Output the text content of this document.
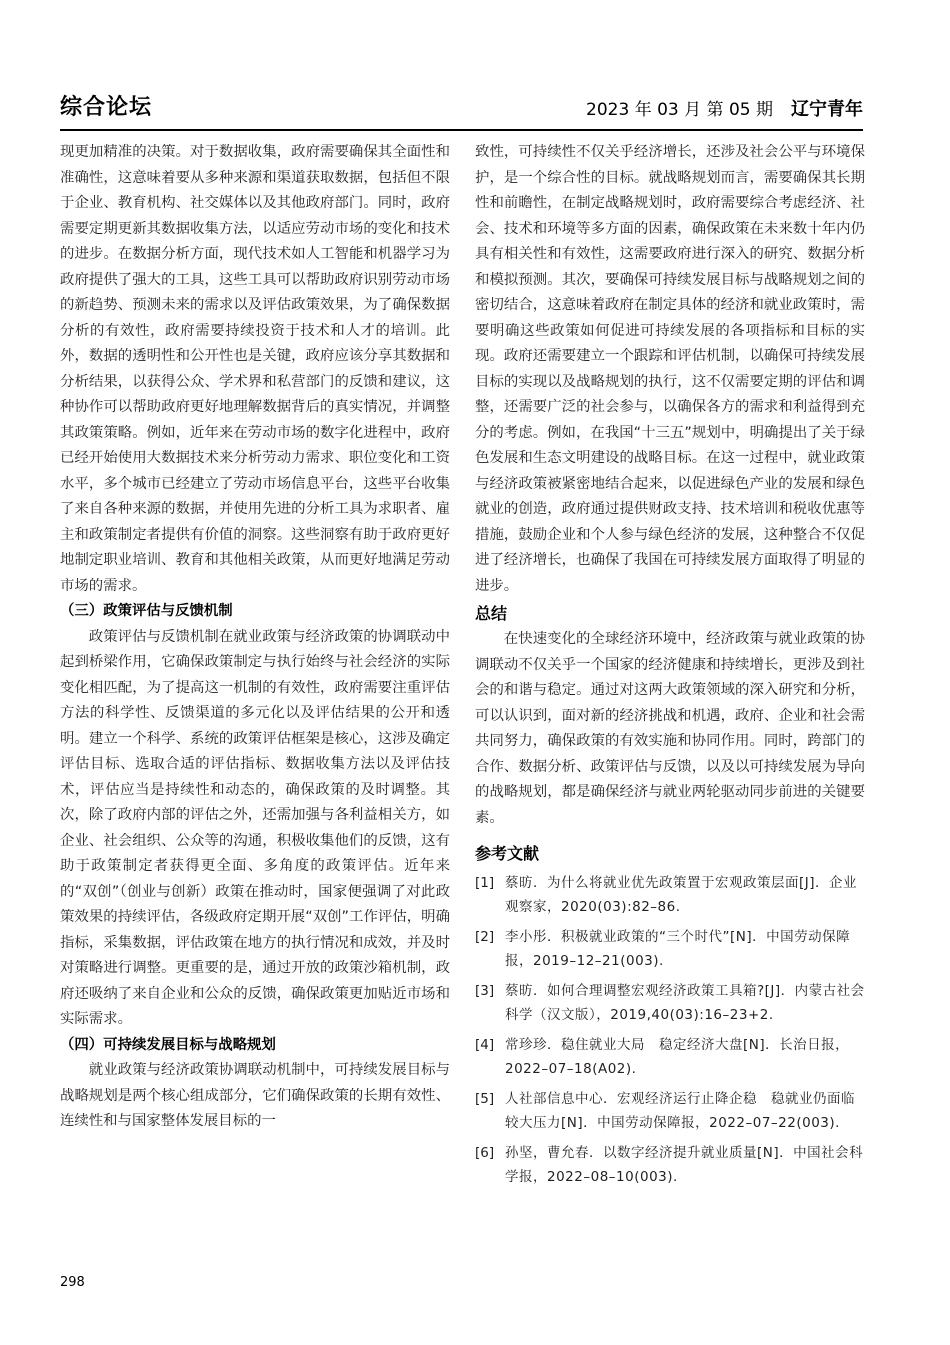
综合论坛	2023 年 03 月 第 05 期 辽宁青年

现更加精准的决策。对于数据收集，政府需要确保其全面性和准确性，这意味着要从多种来源和渠道获取数据，包括但不限于企业、教育机构、社交媒体以及其他政府部门。同时，政府需要定期更新其数据收集方法，以适应劳动市场的变化和技术的进步。在数据分析方面，现代技术如人工智能和机器学习为政府提供了强大的工具，这些工具可以帮助政府识别劳动市场的新趋势、预测未来的需求以及评估政策效果，为了确保数据分析的有效性，政府需要持续投资于技术和人才的培训。此外，数据的透明性和公开性也是关键，政府应该分享其数据和分析结果，以获得公众、学术界和私营部门的反馈和建议，这种协作可以帮助政府更好地理解数据背后的真实情况，并调整其政策策略。例如，近年来在劳动市场的数字化进程中，政府已经开始使用大数据技术来分析劳动力需求、职位变化和工资水平，多个城市已经建立了劳动市场信息平台，这些平台收集了来自各种来源的数据，并使用先进的分析工具为求职者、雇主和政策制定者提供有价值的洞察。这些洞察有助于政府更好地制定职业培训、教育和其他相关政策，从而更好地满足劳动市场的需求。

（三）政策评估与反馈机制

政策评估与反馈机制在就业政策与经济政策的协调联动中起到桥梁作用，它确保政策制定与执行始终与社会经济的实际变化相匹配，为了提高这一机制的有效性，政府需要注重评估方法的科学性、反馈渠道的多元化以及评估结果的公开和透明。建立一个科学、系统的政策评估框架是核心，这涉及确定评估目标、选取合适的评估指标、数据收集方法以及评估技术，评估应当是持续性和动态的，确保政策的及时调整。其次，除了政府内部的评估之外，还需加强与各利益相关方，如企业、社会组织、公众等的沟通，积极收集他们的反馈，这有助于政策制定者获得更全面、多角度的政策评估。近年来的“双创”（创业与创新）政策在推动时，国家便强调了对此政策效果的持续评估，各级政府定期开展“双创”工作评估，明确指标，采集数据，评估政策在地方的执行情况和成效，并及时对策略进行调整。更重要的是，通过开放的政策沙箱机制，政府还吸纳了来自企业和公众的反馈，确保政策更加贴近市场和实际需求。

（四）可持续发展目标与战略规划

就业政策与经济政策协调联动机制中，可持续发展目标与战略规划是两个核心组成部分，它们确保政策的长期有效性、连续性和与国家整体发展目标的一

致性，可持续性不仅关乎经济增长，还涉及社会公平与环境保护，是一个综合性的目标。就战略规划而言，需要确保其长期性和前瞻性，在制定战略规划时，政府需要综合考虑经济、社会、技术和环境等多方面的因素，确保政策在未来数十年内仍具有相关性和有效性，这需要政府进行深入的研究、数据分析和模拟预测。其次，要确保可持续发展目标与战略规划之间的密切结合，这意味着政府在制定具体的经济和就业政策时，需要明确这些政策如何促进可持续发展的各项指标和目标的实现。政府还需要建立一个跟踪和评估机制，以确保可持续发展目标的实现以及战略规划的执行，这不仅需要定期的评估和调整，还需要广泛的社会参与，以确保各方的需求和利益得到充分的考虑。例如，在我国“十三五”规划中，明确提出了关于绿色发展和生态文明建设的战略目标。在这一过程中，就业政策与经济政策被紧密地结合起来，以促进绿色产业的发展和绿色就业的创造，政府通过提供财政支持、技术培训和税收优惠等措施，鼓励企业和个人参与绿色经济的发展，这种整合不仅促进了经济增长，也确保了我国在可持续发展方面取得了明显的进步。

总结

在快速变化的全球经济环境中，经济政策与就业政策的协调联动不仅关乎一个国家的经济健康和持续增长，更涉及到社会的和谐与稳定。通过对这两大政策领域的深入研究和分析，可以认识到，面对新的经济挑战和机遇，政府、企业和社会需共同努力，确保政策的有效实施和协同作用。同时，跨部门的合作、数据分析、政策评估与反馈，以及以可持续发展为导向的战略规划，都是确保经济与就业两轮驱动同步前进的关键要素。

参考文献

[1] 蔡昉．为什么将就业优先政策置于宏观政策层面[J]．企业观察家，2020(03):82–86.
[2] 李小彤．积极就业政策的“三个时代”[N]．中国劳动保障报，2019–12–21(003).
[3] 蔡昉．如何合理调整宏观经济政策工具箱?[J]．内蒙古社会科学（汉文版），2019,40(03):16–23+2.
[4] 常珍珍．稳住就业大局　稳定经济大盘[N]．长治日报，2022–07–18(A02).
[5] 人社部信息中心．宏观经济运行止降企稳　稳就业仍面临较大压力[N]．中国劳动保障报，2022–07–22(003).
[6] 孙坚，曹允春．以数字经济提升就业质量[N]．中国社会科学报，2022–08–10(003).
298
